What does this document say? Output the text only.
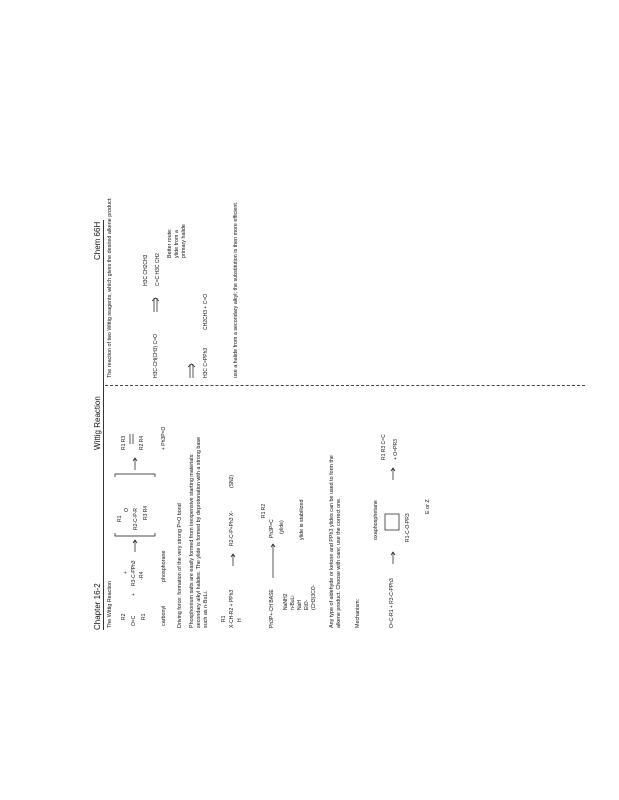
Chapter 16-2
Wittig Reaction
Chem 66H
The Wittig Reaction R2 O=C R1
+
+ R3-C-PPh3 R4
-
R1
O R2-C-P-R R3 R4
R1 R3 R2 R4	+ Ph3P=O
carbonyl
phosphorane Driving force: formation of the very strong P=O bond Phosphonium salts are easily formed from inexpensive starting materials: secondary alkyl halides. The ylide is formed by deprotonation with a strong base such as n-BuLi. R1 X-CH-R2 + PPh3 H
R2-C-P+Ph3 X-
(SN2)
Ph3P+-CH BASE
Ph3P=C
R1 R2
(ylide)
NaNH2 n-BuLi NaH EtO- (CH3)3CO-
ylide is stabilized	Any type of aldehyde or ketone and PPh3 ylides can be used to form the alkene product. Choose with care; use the correct one. Mechanism:	O=C-R1 + R3-C-PPh3
oxaphosphetane	R1-C-O-PR3
R1 R3 C=C + O=PR3
E or Z
The reaction of two Wittig reagents, which gives the desired alkene product:	H3C-CH(CH3) C=O
H3C CH2CH3 C=C H3C CH2
Better route: ylide from a primary halide
H3C C=PPh3
CH2CH3 + C=O	use a halide from a secondary alkyl; the substitution is then more efficient.
